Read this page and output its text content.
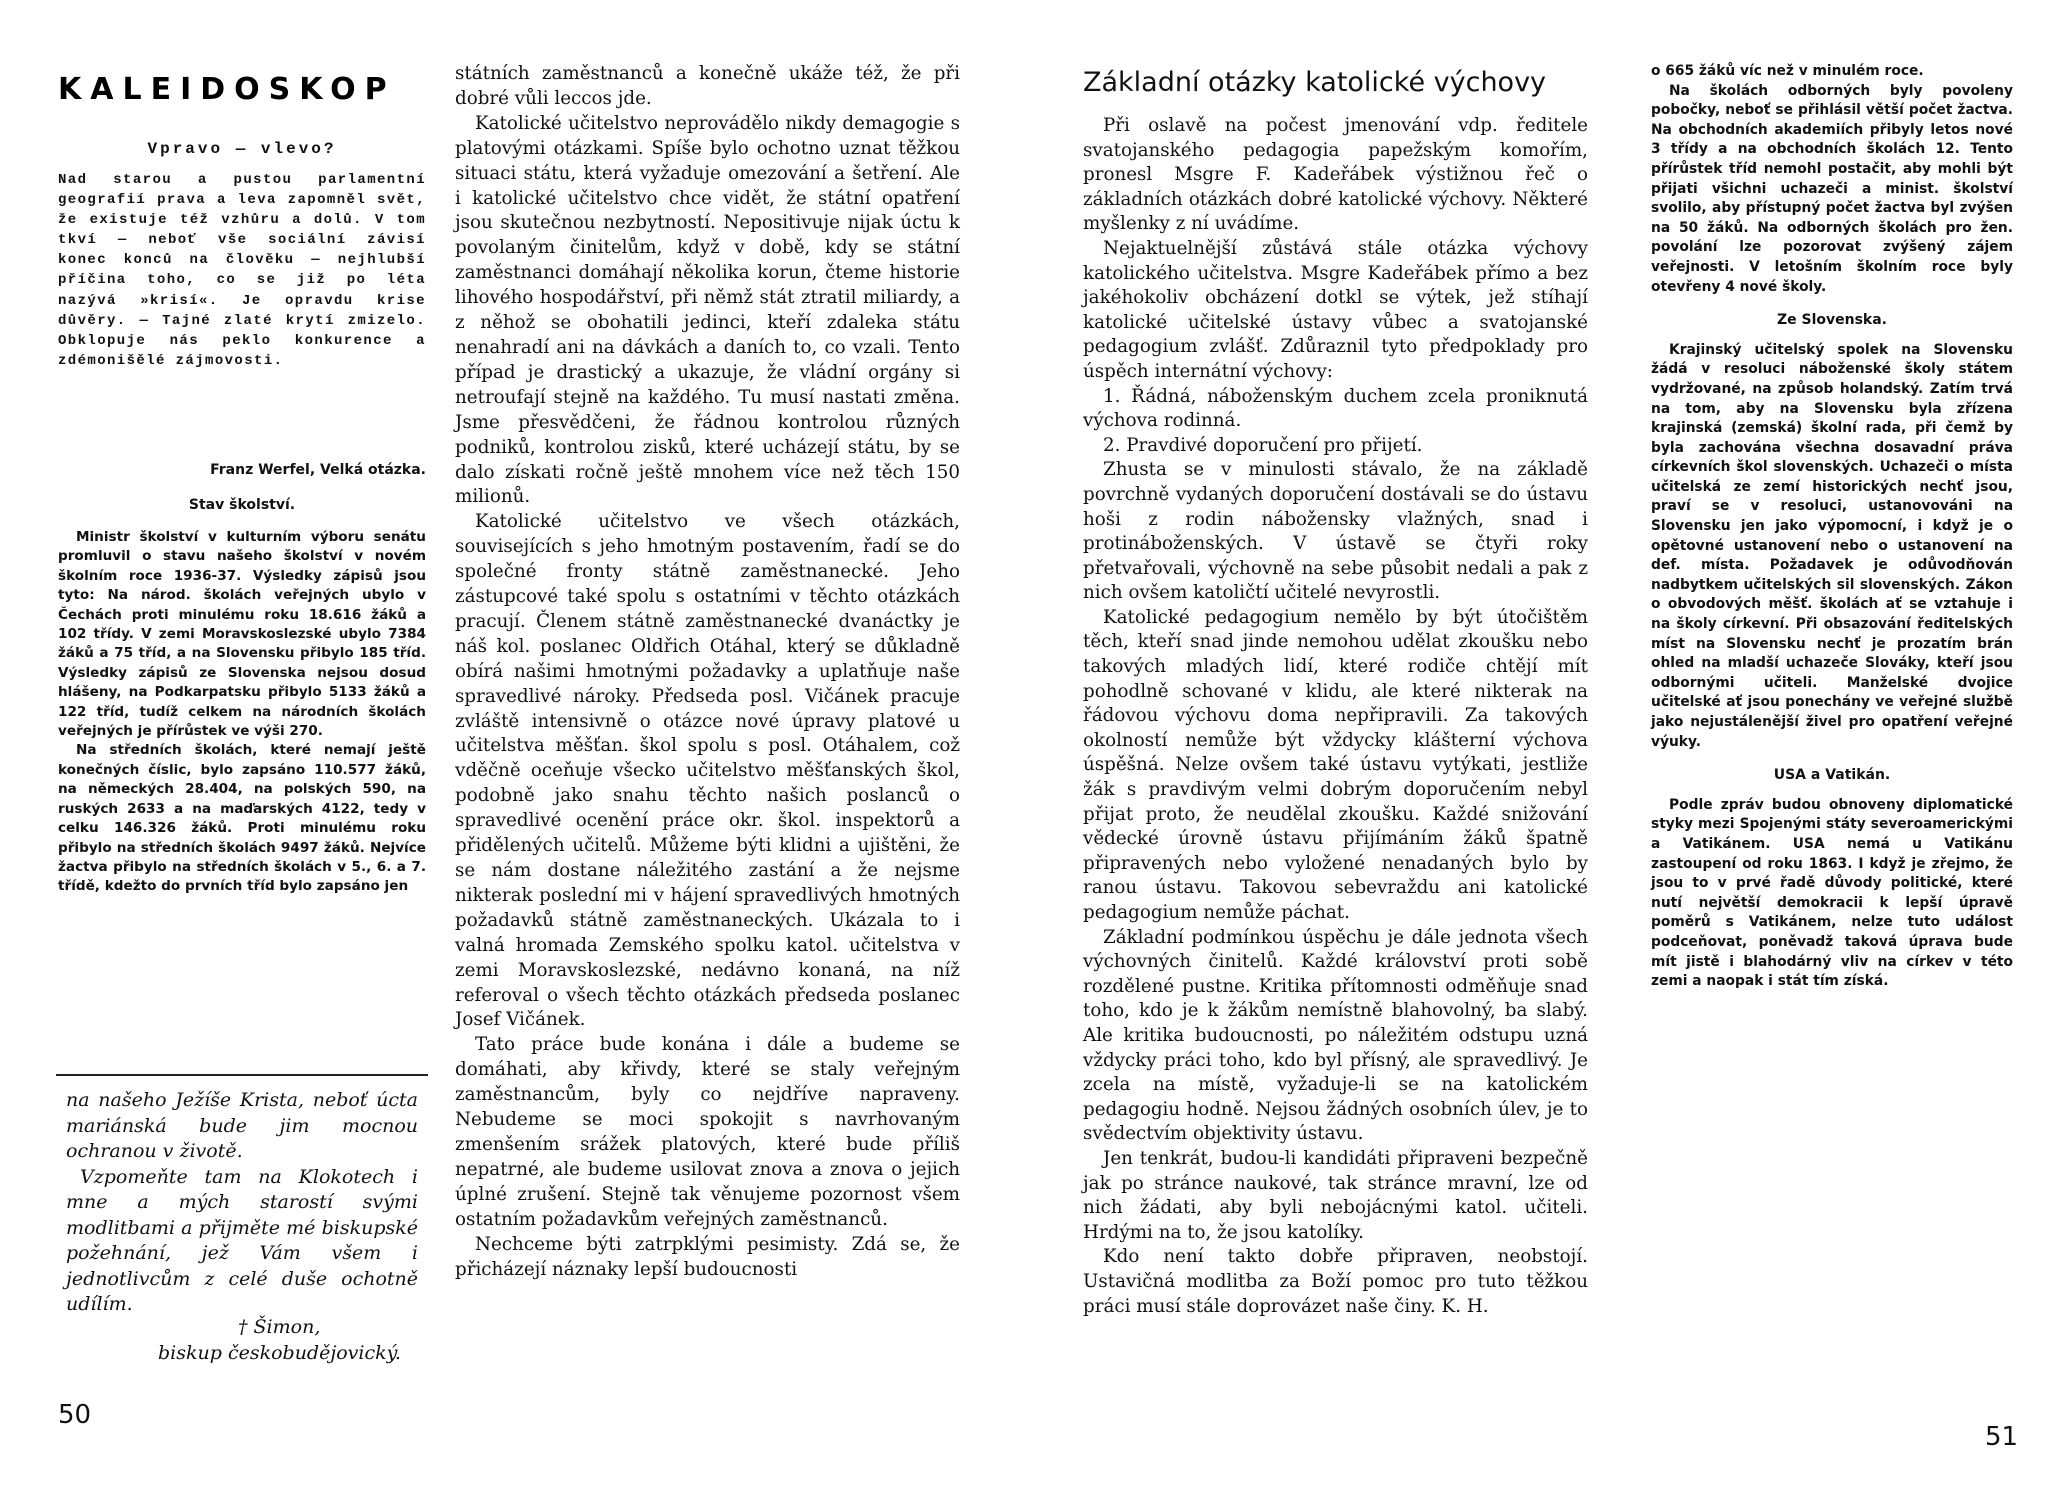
KALEIDOSKOP
Vpravo — vlevo?
Nad starou a pustou parlamentní geografií prava a leva zapomněl svět, že existuje též vzhůru a dolů. V tom tkví — neboť vše sociální závisí konec konců na člověku — nejhlubší příčina toho, co se již po léta nazývá »krisí«. Je opravdu krise důvěry. — Tajné zlaté krytí zmizelo. Obklopuje nás peklo konkurence a zdémonišělé zájmovosti.
Franz Werfel, Velká otázka.
Stav školství.

Ministr školství v kulturním výboru senátu promluvil o stavu našeho školství v novém školním roce 1936-37. Výsledky zápisů jsou tyto: Na národ. školách veřejných ubylo v Čechách proti minulému roku 18.616 žáků a 102 třídy. V zemi Moravskoslezské ubylo 7384 žáků a 75 tříd, a na Slovensku přibylo 185 tříd. Výsledky zápisů ze Slovenska nejsou dosud hlášeny, na Podkarpatsku přibylo 5133 žáků a 122 tříd, tudíž celkem na národních školách veřejných je přírůstek ve výši 270.

Na středních školách, které nemají ještě konečných číslic, bylo zapsáno 110.577 žáků, na německých 28.404, na polských 590, na ruských 2633 a na maďarských 4122, tedy v celku 146.326 žáků. Proti minulému roku přibylo na středních školách 9497 žáků. Nejvíce žactva přibylo na středních školách v 5., 6. a 7. třídě, kdežto do prvních tříd bylo zapsáno jen

na našeho Ježíše Krista, neboť úcta mariánská bude jim mocnou ochranou v životě.

Vzpomeňte tam na Klokotech i mne a mých starostí svými modlitbami a přijměte mé biskupské požehnání, jež Vám všem i jednotlivcům z celé duše ochotně udílím.

† Šimon,
biskup českobudějovický.

státních zaměstnanců a konečně ukáže též, že při dobré vůli leccos jde.

Katolické učitelstvo neprovádělo nikdy demagogie s platovými otázkami. Spíše bylo ochotno uznat těžkou situaci státu, která vyžaduje omezování a šetření. Ale i katolické učitelstvo chce vidět, že státní opatření jsou skutečnou nezbytností. Nepositivuje nijak úctu k povolaným činitelům, když v době, kdy se státní zaměstnanci domáhají několika korun, čteme historie lihového hospodářství, při němž stát ztratil miliardy, a z něhož se obohatili jedinci, kteří zdaleka státu nenahradí ani na dávkách a daních to, co vzali. Tento případ je drastický a ukazuje, že vládní orgány si netroufají stejně na každého. Tu musí nastati změna. Jsme přesvědčeni, že řádnou kontrolou různých podniků, kontrolou zisků, které ucházejí státu, by se dalo získati ročně ještě mnohem více než těch 150 milionů.

Katolické učitelstvo ve všech otázkách, souvisejících s jeho hmotným postavením, řadí se do společné fronty státně zaměstnanecké. Jeho zástupcové také spolu s ostatními v těchto otázkách pracují. Členem státně zaměstnanecké dvanáctky je náš kol. poslanec Oldřich Otáhal, který se důkladně obírá našimi hmotnými požadavky a uplatňuje naše spravedlivé nároky. Předseda posl. Vičánek pracuje zvláště intensivně o otázce nové úpravy platové u učitelstva měšťan. škol spolu s posl. Otáhalem, což vděčně oceňuje všecko učitelstvo měšťanských škol, podobně jako snahu těchto našich poslanců o spravedlivé ocenění práce okr. škol. inspektorů a přidělených učitelů. Můžeme býti klidni a ujištěni, že se nám dostane náležitého zastání a že nejsme nikterak poslední mi v hájení spravedlivých hmotných požadavků státně zaměstnaneckých. Ukázala to i valná hromada Zemského spolku katol. učitelstva v zemi Moravskoslezské, nedávno konaná, na níž referoval o všech těchto otázkách předseda poslanec Josef Vičánek.

Tato práce bude konána i dále a budeme se domáhati, aby křivdy, které se staly veřejným zaměstnancům, byly co nejdříve napraveny. Nebudeme se moci spokojit s navrhovaným zmenšením srážek platových, které bude příliš nepatrné, ale budeme usilovat znova a znova o jejich úplné zrušení. Stejně tak věnujeme pozornost všem ostatním požadavkům veřejných zaměstnanců.

Nechceme býti zatrpklými pesimisty. Zdá se, že přicházejí náznaky lepší budoucnosti

50
Základní otázky katolické výchovy

Při oslavě na počest jmenování vdp. ředitele svatojanského pedagogia papežským komořím, pronesl Msgre F. Kadeřábek výstižnou řeč o základních otázkách dobré katolické výchovy. Některé myšlenky z ní uvádíme.

Nejaktuelnější zůstává stále otázka výchovy katolického učitelstva. Msgre Kadeřábek přímo a bez jakéhokoliv obcházení dotkl se výtek, jež stíhají katolické učitelské ústavy vůbec a svatojanské pedagogium zvlášť. Zdůraznil tyto předpoklady pro úspěch internátní výchovy:

1. Řádná, náboženským duchem zcela proniknutá výchova rodinná.

2. Pravdivé doporučení pro přijetí.

Zhusta se v minulosti stávalo, že na základě povrchně vydaných doporučení dostávali se do ústavu hoši z rodin nábožensky vlažných, snad i protináboženských. V ústavě se čtyři roky přetvařovali, výchovně na sebe působit nedali a pak z nich ovšem katoličtí učitelé nevyrostli.

Katolické pedagogium nemělo by být útočištěm těch, kteří snad jinde nemohou udělat zkoušku nebo takových mladých lidí, které rodiče chtějí mít pohodlně schované v klidu, ale které nikterak na řádovou výchovu doma nepřipravili. Za takových okolností nemůže být vždycky klášterní výchova úspěšná. Nelze ovšem také ústavu vytýkati, jestliže žák s pravdivým velmi dobrým doporučením nebyl přijat proto, že neudělal zkoušku. Každé snižování vědecké úrovně ústavu přijímáním žáků špatně připravených nebo vyložené nenadaných bylo by ranou ústavu. Takovou sebevraždu ani katolické pedagogium nemůže páchat.

Základní podmínkou úspěchu je dále jednota všech výchovných činitelů. Každé království proti sobě rozdělené pustne. Kritika přítomnosti odměňuje snad toho, kdo je k žákům nemístně blahovolný, ba slabý. Ale kritika budoucnosti, po náležitém odstupu uzná vždycky práci toho, kdo byl přísný, ale spravedlivý. Je zcela na místě, vyžaduje-li se na katolickém pedagogiu hodně. Nejsou žádných osobních úlev, je to svědectvím objektivity ústavu.

Jen tenkrát, budou-li kandidáti připraveni bezpečně jak po stránce naukové, tak stránce mravní, lze od nich žádati, aby byli nebojácnými katol. učiteli. Hrdými na to, že jsou katolíky.

Kdo není takto dobře připraven, neobstojí. Ustavičná modlitba za Boží pomoc pro tuto těžkou práci musí stále doprovázet naše činy. K. H.

o 665 žáků víc než v minulém roce.

Na školách odborných byly povoleny pobočky, neboť se přihlásil větší počet žactva. Na obchodních akademiích přibyly letos nové 3 třídy a na obchodních školách 12. Tento přírůstek tříd nemohl postačit, aby mohli být přijati všichni uchazeči a minist. školství svolilo, aby přístupný počet žactva byl zvýšen na 50 žáků. Na odborných školách pro žen. povolání lze pozorovat zvýšený zájem veřejnosti. V letošním školním roce byly otevřeny 4 nové školy.

Ze Slovenska.

Krajinský učitelský spolek na Slovensku žádá v resoluci náboženské školy státem vydržované, na způsob holandský. Zatím trvá na tom, aby na Slovensku byla zřízena krajinská (zemská) školní rada, při čemž by byla zachována všechna dosavadní práva církevních škol slovenských. Uchazeči o místa učitelská ze zemí historických nechť jsou, praví se v resoluci, ustanovováni na Slovensku jen jako výpomocní, i když je o opětovné ustanovení nebo o ustanovení na def. místa. Požadavek je odůvodňován nadbytkem učitelských sil slovenských. Zákon o obvodových měšť. školách ať se vztahuje i na školy církevní. Při obsazování ředitelských míst na Slovensku nechť je prozatím brán ohled na mladší uchazeče Slováky, kteří jsou odbornými učiteli. Manželské dvojice učitelské ať jsou ponechány ve veřejné službě jako nejustálenější živel pro opatření veřejné výuky.

USA a Vatikán.

Podle zpráv budou obnoveny diplomatické styky mezi Spojenými státy severoamerickými a Vatikánem. USA nemá u Vatikánu zastoupení od roku 1863. I když je zřejmo, že jsou to v prvé řadě důvody politické, které nutí největší demokracii k lepší úpravě poměrů s Vatikánem, nelze tuto událost podceňovat, poněvadž taková úprava bude mít jistě i blahodárný vliv na církev v této zemi a naopak i stát tím získá.

51
